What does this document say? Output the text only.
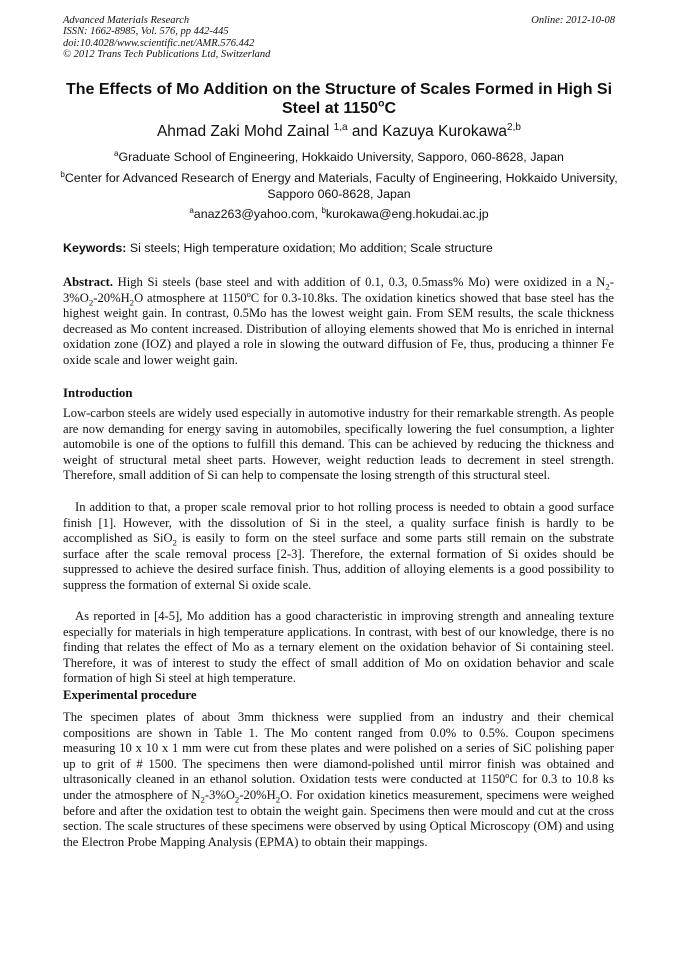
Advanced Materials Research
ISSN: 1662-8985, Vol. 576, pp 442-445
doi:10.4028/www.scientific.net/AMR.576.442
© 2012 Trans Tech Publications Ltd, Switzerland
Online: 2012-10-08
The Effects of Mo Addition on the Structure of Scales Formed in High Si
Steel at 1150$^o$C
Ahmad Zaki Mohd Zainal $^{1,a}$ and Kazuya Kurokawa$^{2,b}$
$^a$Graduate School of Engineering, Hokkaido University, Sapporo, 060-8628, Japan
$^b$Center for Advanced Research of Energy and Materials, Faculty of Engineering, Hokkaido University, Sapporo 060-8628, Japan
$^a$anaz263@yahoo.com, $^b$kurokawa@eng.hokudai.ac.jp
Keywords: Si steels; High temperature oxidation; Mo addition; Scale structure
Abstract. High Si steels (base steel and with addition of 0.1, 0.3, 0.5mass% Mo) were oxidized in a $N_2-3\%O_2-20\%H_2O$ atmosphere at 1150$^o$C for 0.3-10.8ks. The oxidation kinetics showed that base steel has the highest weight gain. In contrast, 0.5Mo has the lowest weight gain. From SEM results, the scale thickness decreased as Mo content increased. Distribution of alloying elements showed that Mo is enriched in internal oxidation zone (IOZ) and played a role in slowing the outward diffusion of Fe, thus, producing a thinner Fe oxide scale and lower weight gain.
Introduction
Low-carbon steels are widely used especially in automotive industry for their remarkable strength. As people are now demanding for energy saving in automobiles, specifically lowering the fuel consumption, a lighter automobile is one of the options to fulfill this demand. This can be achieved by reducing the thickness and weight of structural metal sheet parts. However, weight reduction leads to decrement in steel strength. Therefore, small addition of Si can help to compensate the losing strength of this structural steel.
In addition to that, a proper scale removal prior to hot rolling process is needed to obtain a good surface finish [1]. However, with the dissolution of Si in the steel, a quality surface finish is hardly to be accomplished as SiO$_2$ is easily to form on the steel surface and some parts still remain on the substrate surface after the scale removal process [2-3]. Therefore, the external formation of Si oxides should be suppressed to achieve the desired surface finish. Thus, addition of alloying elements is a good possibility to suppress the formation of external Si oxide scale.
As reported in [4-5], Mo addition has a good characteristic in improving strength and annealing texture especially for materials in high temperature applications. In contrast, with best of our knowledge, there is no finding that relates the effect of Mo as a ternary element on the oxidation behavior of Si containing steel. Therefore, it was of interest to study the effect of small addition of Mo on oxidation behavior and scale formation of high Si steel at high temperature.
Experimental procedure
The specimen plates of about 3mm thickness were supplied from an industry and their chemical compositions are shown in Table 1. The Mo content ranged from 0.0% to 0.5%. Coupon specimens measuring 10 x 10 x 1 mm were cut from these plates and were polished on a series of SiC polishing paper up to grit of # 1500. The specimens then were diamond-polished until mirror finish was obtained and ultrasonically cleaned in an ethanol solution. Oxidation tests were conducted at 1150$^o$C for 0.3 to 10.8 ks under the atmosphere of $N_2-3\%O_2-20\%H_2O$. For oxidation kinetics measurement, specimens were weighed before and after the oxidation test to obtain the weight gain. Specimens then were mould and cut at the cross section. The scale structures of these specimens were observed by using Optical Microscopy (OM) and using the Electron Probe Mapping Analysis (EPMA) to obtain their mappings.
